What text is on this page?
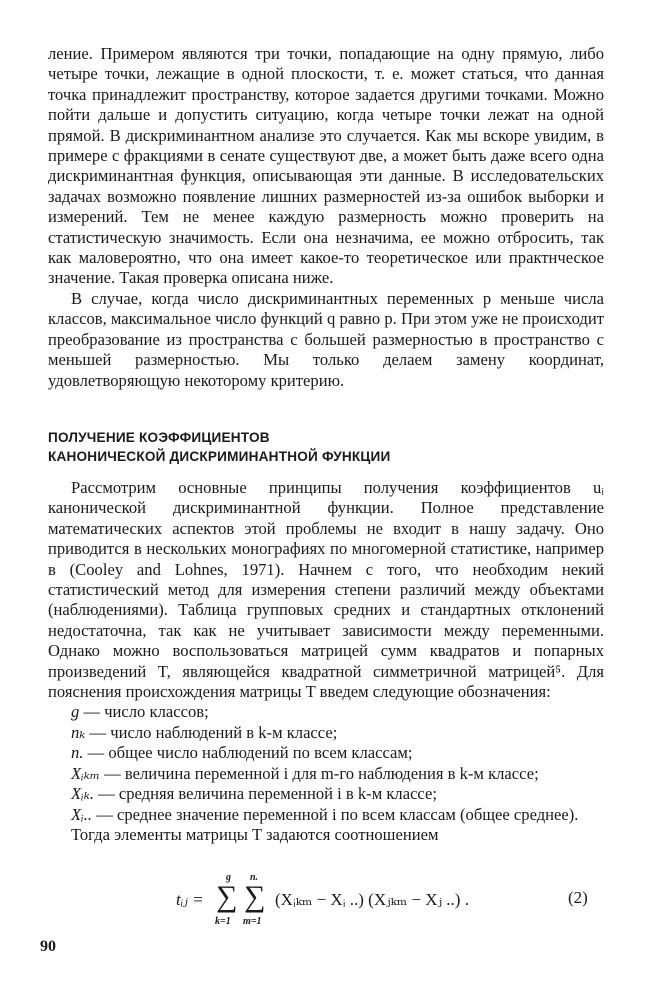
ление. Примером являются три точки, попадающие на одну прямую, либо четыре точки, лежащие в одной плоскости, т. е. может статься, что данная точка принадлежит пространству, которое задается другими точками. Можно пойти дальше и допустить ситуацию, когда четыре точки лежат на одной прямой. В дискриминантном анализе это случается. Как мы вскоре увидим, в примере с фракциями в сенате существуют две, а может быть даже всего одна дискриминантная функция, описывающая эти данные. В исследовательских задачах возможно появление лишних размерностей из-за ошибок выборки и измерений. Тем не менее каждую размерность можно проверить на статистическую значимость. Если она незначима, ее можно отбросить, так как маловероятно, что она имеет какое-то теоретическое или практнческое значение. Такая проверка описана ниже.

В случае, когда число дискриминантных переменных p меньше числа классов, максимальное число функций q равно p. При этом уже не происходит преобразование из пространства с большей размерностью в пространство с меньшей размерностью. Мы только делаем замену координат, удовлетворяющую некоторому критерию.

ПОЛУЧЕНИЕ КОЭФФИЦИЕНТОВ
КАНОНИЧЕСКОЙ ДИСКРИМИНАНТНОЙ ФУНКЦИИ

Рассмотрим основные принципы получения коэффициентов uᵢ канонической дискриминантной функции. Полное представление математических аспектов этой проблемы не входит в нашу задачу. Оно приводится в нескольких монографиях по многомерной статистике, например в (Cooley and Lohnes, 1971). Начнем с того, что необходим некий статистический метод для измерения степени различий между объектами (наблюдениями). Таблица групповых средних и стандартных отклонений недостаточна, так как не учитывает зависимости между переменными. Однако можно воспользоваться матрицей сумм квадратов и попарных произведений T, являющейся квадратной симметричной матрицей⁵. Для пояснения происхождения матрицы T введем следующие обозначения:

g — число классов;
nₖ — число наблюдений в k-м классе;
n. — общее число наблюдений по всем классам;
Xᵢₖₘ — величина переменной i для m-го наблюдения в k-м классе;
Xᵢₖ. — средняя величина переменной i в k-м классе;
Xᵢ.. — среднее значение переменной i по всем классам (общее среднее).

Тогда элементы матрицы T задаются соотношением

tᵢⱼ =
g
∑
k=1
n.
∑
m=1
(Xᵢₖₘ − Xᵢ ..) (Xⱼₖₘ − Xⱼ ..) .	(2)
90
